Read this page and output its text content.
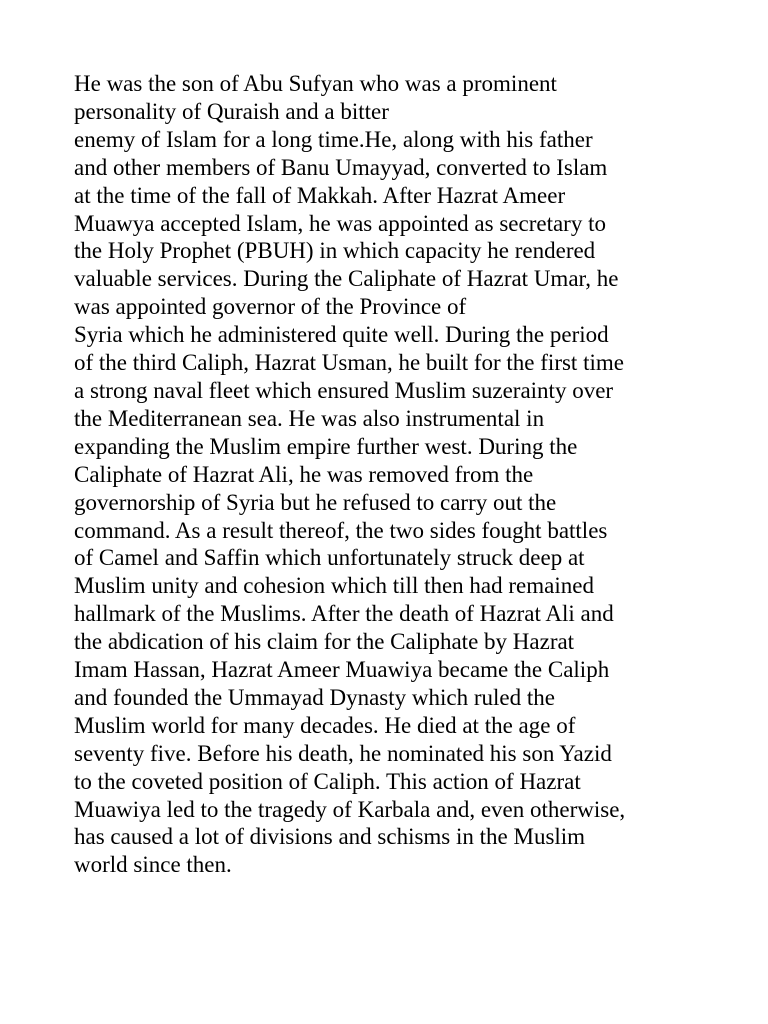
He was the son of Abu Sufyan who was a prominent
personality of Quraish and a bitter
enemy of Islam for a long time.He, along with his father
and other members of Banu Umayyad, converted to Islam
at the time of the fall of Makkah. After Hazrat Ameer
Muawya accepted Islam, he was appointed as secretary to
the Holy Prophet (PBUH) in which capacity he rendered
valuable services. During the Caliphate of Hazrat Umar, he
was appointed governor of the Province of
Syria which he administered quite well. During the period
of the third Caliph, Hazrat Usman, he built for the first time
a strong naval fleet which ensured Muslim suzerainty over
the Mediterranean sea. He was also instrumental in
expanding the Muslim empire further west. During the
Caliphate of Hazrat Ali, he was removed from the
governorship of Syria but he refused to carry out the
command. As a result thereof, the two sides fought battles
of Camel and Saffin which unfortunately struck deep at
Muslim unity and cohesion which till then had remained
hallmark of the Muslims. After the death of Hazrat Ali and
the abdication of his claim for the Caliphate by Hazrat
Imam Hassan, Hazrat Ameer Muawiya became the Caliph
and founded the Ummayad Dynasty which ruled the
Muslim world for many decades. He died at the age of
seventy five. Before his death, he nominated his son Yazid
to the coveted position of Caliph. This action of Hazrat
Muawiya led to the tragedy of Karbala and, even otherwise,
has caused a lot of divisions and schisms in the Muslim
world since then.
